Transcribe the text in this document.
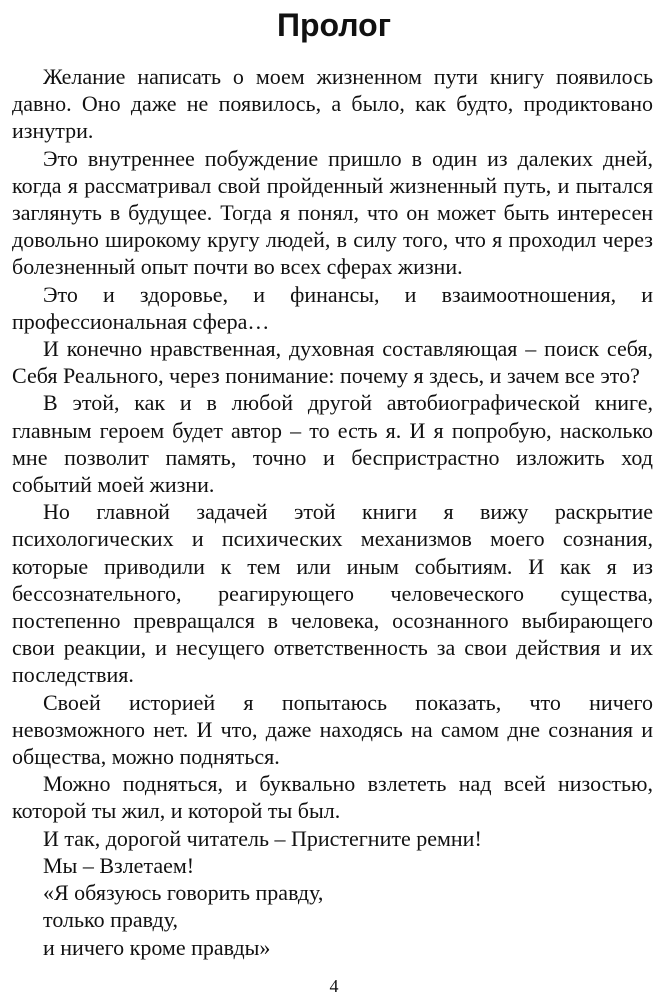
Пролог

Желание написать о моем жизненном пути книгу появилось давно. Оно даже не появилось, а было, как будто, продиктовано изнутри.

Это внутреннее побуждение пришло в один из далеких дней, когда я рассматривал свой пройденный жизненный путь, и пытался заглянуть в будущее. Тогда я понял, что он может быть интересен довольно широкому кругу людей, в силу того, что я проходил через болезненный опыт почти во всех сферах жизни.

Это и здоровье, и финансы, и взаимоотношения, и профессиональная сфера…

И конечно нравственная, духовная составляющая – поиск себя, Себя Реального, через понимание: почему я здесь, и зачем все это?

В этой, как и в любой другой автобиографической книге, главным героем будет автор – то есть я. И я попробую, насколько мне позволит память, точно и беспристрастно изложить ход событий моей жизни.

Но главной задачей этой книги я вижу раскрытие психологических и психических механизмов моего сознания, которые приводили к тем или иным событиям. И как я из бессознательного, реагирующего человеческого существа, постепенно превращался в человека, осознанного выбирающего свои реакции, и несущего ответственность за свои действия и их последствия.

Своей историей я попытаюсь показать, что ничего невозможного нет. И что, даже находясь на самом дне сознания и общества, можно подняться.

Можно подняться, и буквально взлететь над всей низостью, которой ты жил, и которой ты был.

И так, дорогой читатель – Пристегните ремни!

Мы – Взлетаем!

«Я обязуюсь говорить правду,

только правду,

и ничего кроме правды»

4
